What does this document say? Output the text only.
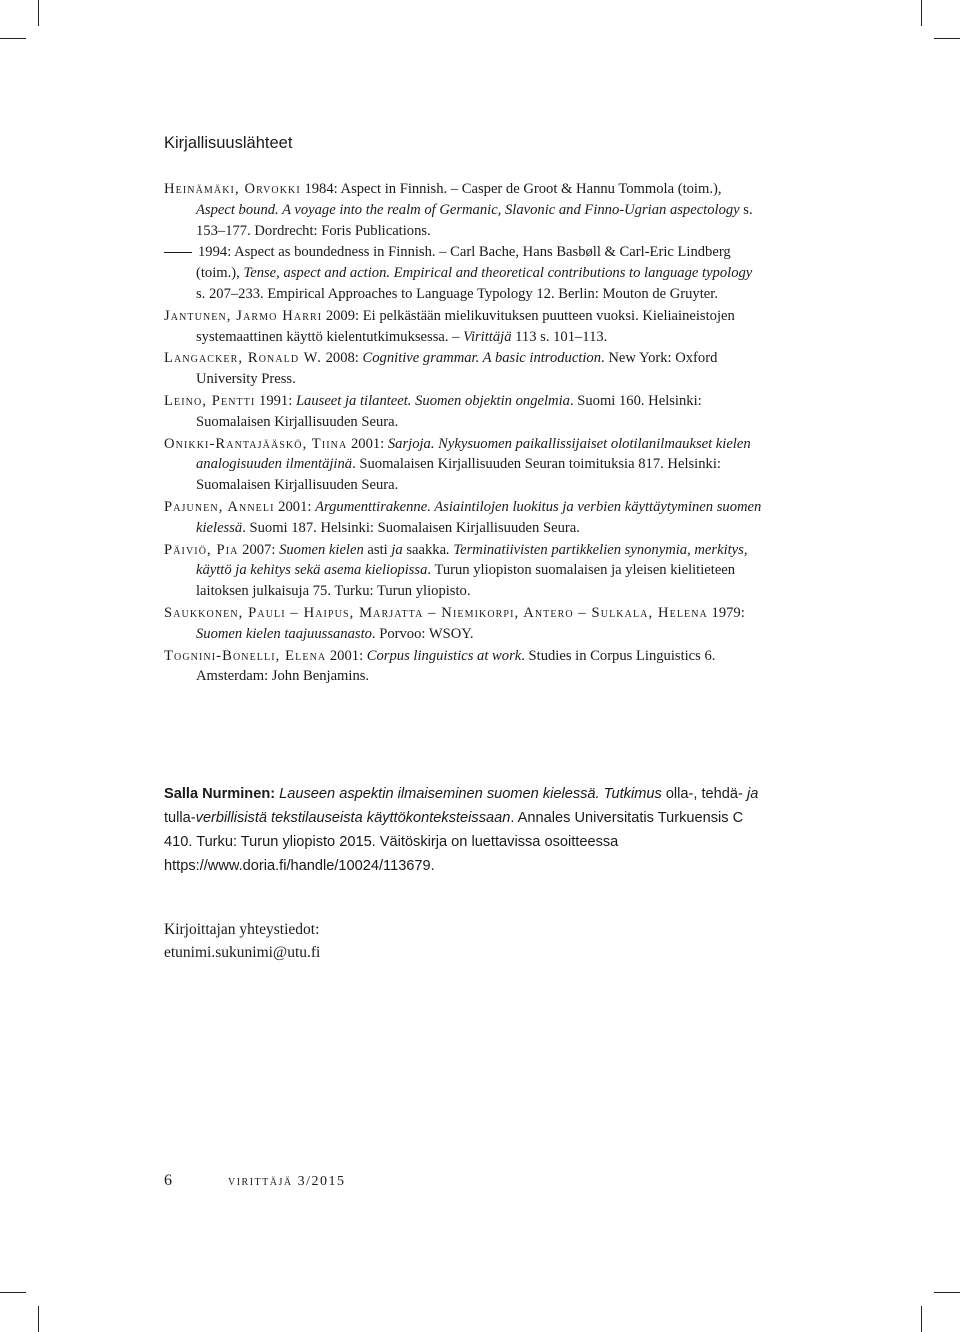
Kirjallisuuslähteet

Heinämäki, Orvokki 1984: Aspect in Finnish. – Casper de Groot & Hannu Tommola (toim.), Aspect bound. A voyage into the realm of Germanic, Slavonic and Finno-Ugrian aspectology s. 153–177. Dordrecht: Foris Publications.

1994: Aspect as boundedness in Finnish. – Carl Bache, Hans Basbøll & Carl-Eric Lindberg (toim.), Tense, aspect and action. Empirical and theoretical contributions to language typology s. 207–233. Empirical Approaches to Language Typology 12. Berlin: Mouton de Gruyter.

Jantunen, Jarmo Harri 2009: Ei pelkästään mielikuvituksen puutteen vuoksi. Kieliaineistojen systemaattinen käyttö kielentutkimuksessa. – Virittäjä 113 s. 101–113.

Langacker, Ronald W. 2008: Cognitive grammar. A basic introduction. New York: Oxford University Press.

Leino, Pentti 1991: Lauseet ja tilanteet. Suomen objektin ongelmia. Suomi 160. Helsinki: Suomalaisen Kirjallisuuden Seura.

Onikki-Rantajääskö, Tiina 2001: Sarjoja. Nykysuomen paikallissijaiset olotilanilmaukset kielen analogisuuden ilmentäjinä. Suomalaisen Kirjallisuuden Seuran toimituksia 817. Helsinki: Suomalaisen Kirjallisuuden Seura.

Pajunen, Anneli 2001: Argumenttirakenne. Asiaintilojen luokitus ja verbien käyttäytyminen suomen kielessä. Suomi 187. Helsinki: Suomalaisen Kirjallisuuden Seura.

Päiviö, Pia 2007: Suomen kielen asti ja saakka. Terminatiivisten partikkelien synonymia, merkitys, käyttö ja kehitys sekä asema kieliopissa. Turun yliopiston suomalaisen ja yleisen kielitieteen laitoksen julkaisuja 75. Turku: Turun yliopisto.

Saukkonen, Pauli – Haipus, Marjatta – Niemikorpi, Antero – Sulkala, Helena 1979: Suomen kielen taajuussanasto. Porvoo: WSOY.

Tognini-Bonelli, Elena 2001: Corpus linguistics at work. Studies in Corpus Linguistics 6. Amsterdam: John Benjamins.

Salla Nurminen: Lauseen aspektin ilmaiseminen suomen kielessä. Tutkimus olla-, tehdä- ja tulla-verbillisistä tekstilauseista käyttökonteksteissaan. Annales Universitatis Turkuensis C 410. Turku: Turun yliopisto 2015. Väitöskirja on luettavissa osoitteessa https://www.doria.fi/handle/10024/113679.

Kirjoittajan yhteystiedot:
etunimi.sukunimi@utu.fi
6	virittäjä 3/2015
